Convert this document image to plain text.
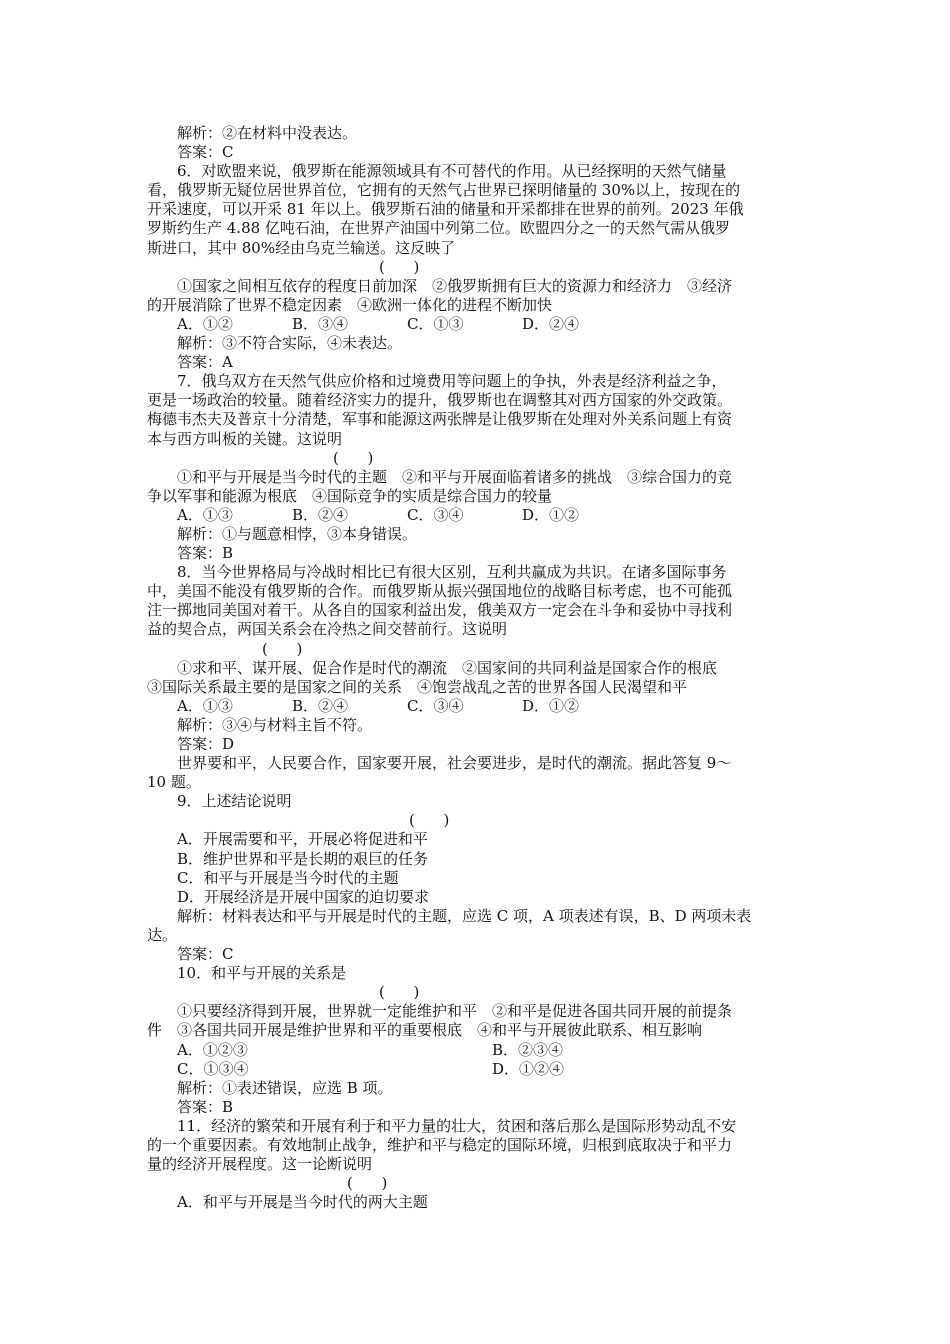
解析：②在材料中没表达。
答案：C
6．对欧盟来说，俄罗斯在能源领域具有不可替代的作用。从已经探明的天然气储量
看，俄罗斯无疑位居世界首位，它拥有的天然气占世界已探明储量的 30%以上，按现在的
开采速度，可以开采 81 年以上。俄罗斯石油的储量和开采都排在世界的前列。2023 年俄
罗斯约生产 4.88 亿吨石油，在世界产油国中列第二位。欧盟四分之一的天然气需从俄罗
斯进口，其中 80%经由乌克兰输送。这反映了
(      )
①国家之间相互依存的程度日前加深　②俄罗斯拥有巨大的资源力和经济力　③经济
的开展消除了世界不稳定因素　④欧洲一体化的进程不断加快
A．①②	B．③④	C．①③	D．②④
解析：③不符合实际，④未表达。
答案：A
7．俄乌双方在天然气供应价格和过境费用等问题上的争执，外表是经济利益之争，
更是一场政治的较量。随着经济实力的提升，俄罗斯也在调整其对西方国家的外交政策。
梅德韦杰夫及普京十分清楚，军事和能源这两张牌是让俄罗斯在处理对外关系问题上有资
本与西方叫板的关键。这说明
(      )
①和平与开展是当今时代的主题　②和平与开展面临着诸多的挑战　③综合国力的竞
争以军事和能源为根底　④国际竞争的实质是综合国力的较量
A．①③	B．②④	C．③④	D．①②
解析：①与题意相悖，③本身错误。
答案：B
8．当今世界格局与冷战时相比已有很大区别，互利共赢成为共识。在诸多国际事务
中，美国不能没有俄罗斯的合作。而俄罗斯从振兴强国地位的战略目标考虑，也不可能孤
注一掷地同美国对着干。从各自的国家利益出发，俄美双方一定会在斗争和妥协中寻找利
益的契合点，两国关系会在冷热之间交替前行。这说明
(      )
①求和平、谋开展、促合作是时代的潮流　②国家间的共同利益是国家合作的根底
③国际关系最主要的是国家之间的关系　④饱尝战乱之苦的世界各国人民渴望和平
A．①③	B．②④	C．③④	D．①②
解析：③④与材料主旨不符。
答案：D
世界要和平，人民要合作，国家要开展，社会要进步，是时代的潮流。据此答复 9～
10 题。
9．上述结论说明
(      )
A．开展需要和平，开展必将促进和平
B．维护世界和平是长期的艰巨的任务
C．和平与开展是当今时代的主题
D．开展经济是开展中国家的迫切要求
解析：材料表达和平与开展是时代的主题，应选 C 项，A 项表述有误，B、D 两项未表
达。
答案：C
10．和平与开展的关系是
(      )
①只要经济得到开展，世界就一定能维护和平　②和平是促进各国共同开展的前提条
件　③各国共同开展是维护世界和平的重要根底　④和平与开展彼此联系、相互影响
A．①②③	B．②③④
C．①③④	D．①②④
解析：①表述错误，应选 B 项。
答案：B
11．经济的繁荣和开展有利于和平力量的壮大，贫困和落后那么是国际形势动乱不安
的一个重要因素。有效地制止战争，维护和平与稳定的国际环境，归根到底取决于和平力
量的经济开展程度。这一论断说明
(      )
A．和平与开展是当今时代的两大主题
